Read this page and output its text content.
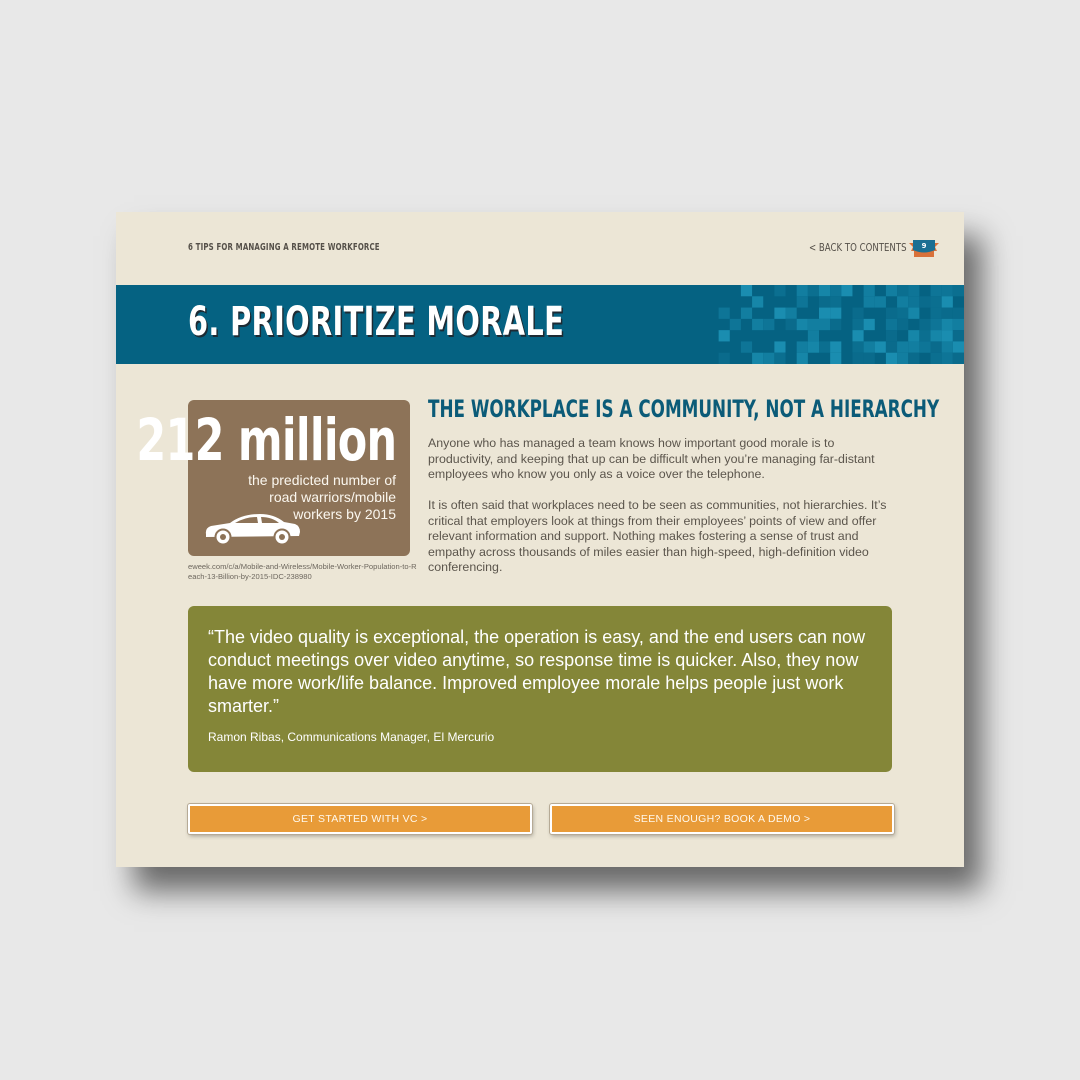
6 TIPS FOR MANAGING A REMOTE WORKFORCE	< BACK TO CONTENTS 9
6. PRIORITIZE MORALE
212 million
the predicted number of road warriors/mobile workers by 2015
eweek.com/c/a/Mobile-and-Wireless/Mobile-Worker-Population-to-Reach-13-Billion-by-2015-IDC-238980
THE WORKPLACE IS A COMMUNITY, NOT A HIERARCHY
Anyone who has managed a team knows how important good morale is to productivity, and keeping that up can be difficult when you’re managing far-distant employees who know you only as a voice over the telephone.
It is often said that workplaces need to be seen as communities, not hierarchies. It’s critical that employers look at things from their employees’ points of view and offer relevant information and support. Nothing makes fostering a sense of trust and empathy across thousands of miles easier than high-speed, high-definition video conferencing.
“The video quality is exceptional, the operation is easy, and the end users can now conduct meetings over video anytime, so response time is quicker. Also, they now have more work/life balance. Improved employee morale helps people just work smarter.”
Ramon Ribas, Communications Manager, El Mercurio
GET STARTED WITH VC >	SEEN ENOUGH? BOOK A DEMO >
